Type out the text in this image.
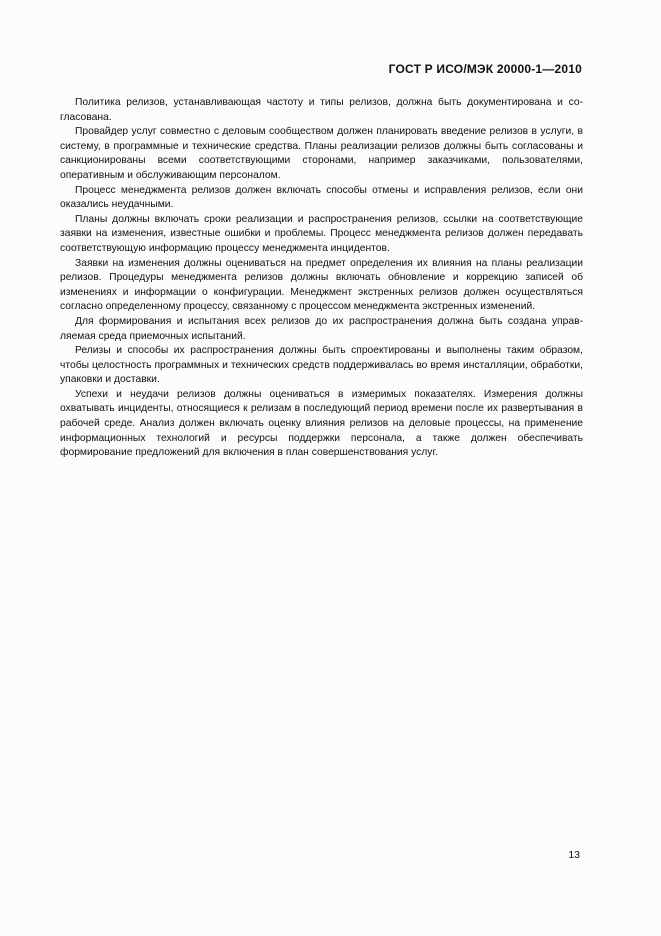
ГОСТ Р ИСО/МЭК 20000-1—2010

Политика релизов, устанавливающая частоту и типы релизов, должна быть документирована и согласована.

Провайдер услуг совместно с деловым сообществом должен планировать введение релизов в услуги, в систему, в программные и технические средства. Планы реализации релизов должны быть согласованы и санкционированы всеми соответствующими сторонами, например заказчиками, пользователями, оперативным и обслуживающим персоналом.

Процесс менеджмента релизов должен включать способы отмены и исправления релизов, если они оказались неудачными.

Планы должны включать сроки реализации и распространения релизов, ссылки на соответствующие заявки на изменения, известные ошибки и проблемы. Процесс менеджмента релизов должен передавать соответствующую информацию процессу менеджмента инцидентов.

Заявки на изменения должны оцениваться на предмет определения их влияния на планы реализации релизов. Процедуры менеджмента релизов должны включать обновление и коррекцию записей об изменениях и информации о конфигурации. Менеджмент экстренных релизов должен осуществляться согласно определенному процессу, связанному с процессом менеджмента экстренных изменений.

Для формирования и испытания всех релизов до их распространения должна быть создана управляемая среда приемочных испытаний.

Релизы и способы их распространения должны быть спроектированы и выполнены таким образом, чтобы целостность программных и технических средств поддерживалась во время инсталляции, обработки, упаковки и доставки.

Успехи и неудачи релизов должны оцениваться в измеримых показателях. Измерения должны охватывать инциденты, относящиеся к релизам в последующий период времени после их развертывания в рабочей среде. Анализ должен включать оценку влияния релизов на деловые процессы, на применение информационных технологий и ресурсы поддержки персонала, а также должен обеспечивать формирование предложений для включения в план совершенствования услуг.

13
